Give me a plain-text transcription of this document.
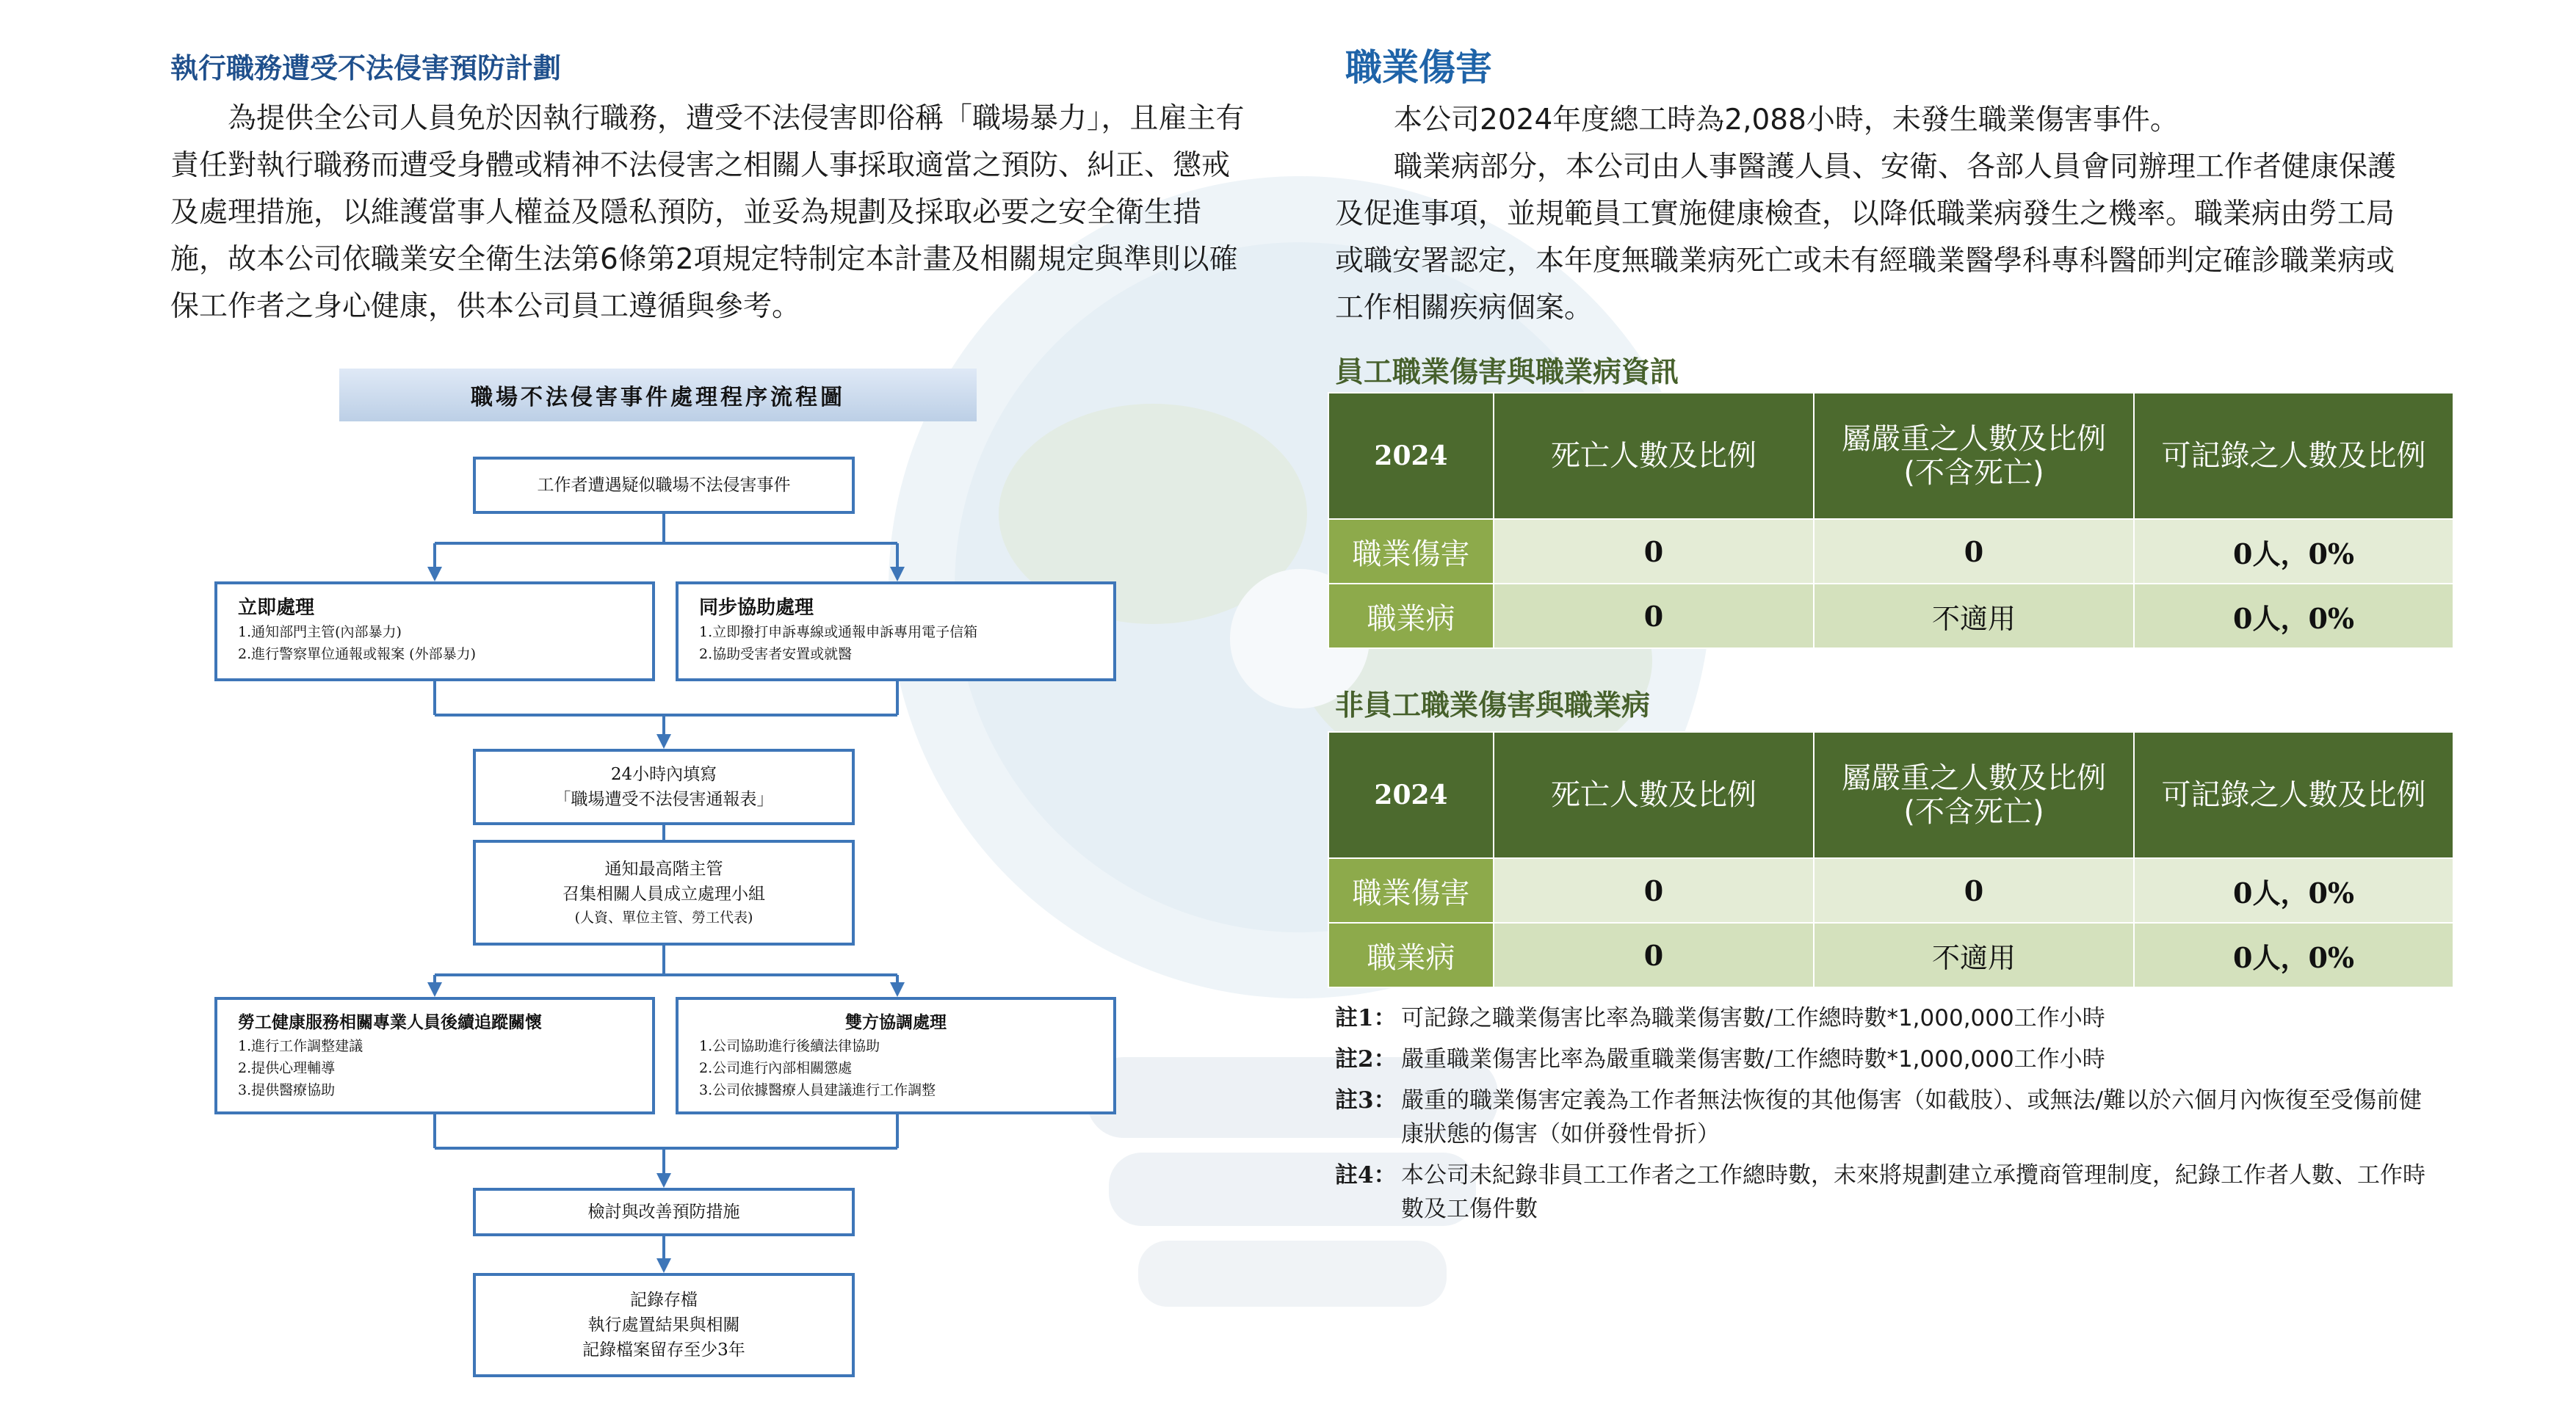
執行職務遭受不法侵害預防計劃

為提供全公司人員免於因執行職務，遭受不法侵害即俗稱「職場暴力」，且雇主有責任對執行職務而遭受身體或精神不法侵害之相關人事採取適當之預防、糾正、懲戒及處理措施，以維護當事人權益及隱私預防，並妥為規劃及採取必要之安全衛生措施，故本公司依職業安全衛生法第6條第2項規定特制定本計畫及相關規定與準則以確保工作者之身心健康，供本公司員工遵循與參考。

職場不法侵害事件處理程序流程圖
工作者遭遇疑似職場不法侵害事件
立即處理
1.通知部門主管(內部暴力)
2.進行警察單位通報或報案 (外部暴力)
同步協助處理
1.立即撥打申訴專線或通報申訴專用電子信箱
2.協助受害者安置或就醫
24小時內填寫
「職場遭受不法侵害通報表」
通知最高階主管
召集相關人員成立處理小組
(人資、單位主管、勞工代表)
勞工健康服務相關專業人員後續追蹤關懷
1.進行工作調整建議
2.提供心理輔導
3.提供醫療協助
雙方協調處理
1.公司協助進行後續法律協助
2.公司進行內部相關懲處
3.公司依據醫療人員建議進行工作調整
檢討與改善預防措施
記錄存檔
執行處置結果與相關
記錄檔案留存至少3年
職業傷害

本公司2024年度總工時為2,088小時，未發生職業傷害事件。

職業病部分，本公司由人事醫護人員、安衛、各部人員會同辦理工作者健康保護及促進事項，並規範員工實施健康檢查，以降低職業病發生之機率。職業病由勞工局或職安署認定，本年度無職業病死亡或未有經職業醫學科專科醫師判定確診職業病或工作相關疾病個案。

員工職業傷害與職業病資訊
2024	死亡人數及比例	屬嚴重之人數及比例
(不含死亡)	可記錄之人數及比例
職業傷害	0	0	0人，0%
職業病	0	不適用	0人，0%
非員工職業傷害與職業病
2024	死亡人數及比例	屬嚴重之人數及比例
(不含死亡)	可記錄之人數及比例
職業傷害	0	0	0人，0%
職業病	0	不適用	0人，0%
註1： 可記錄之職業傷害比率為職業傷害數/工作總時數*1,000,000工作小時
註2： 嚴重職業傷害比率為嚴重職業傷害數/工作總時數*1,000,000工作小時
註3： 嚴重的職業傷害定義為工作者無法恢復的其他傷害（如截肢）、或無法/難以於六個月內恢復至受傷前健康狀態的傷害（如併發性骨折）
註4： 本公司未紀錄非員工工作者之工作總時數，未來將規劃建立承攬商管理制度，紀錄工作者人數、工作時數及工傷件數
